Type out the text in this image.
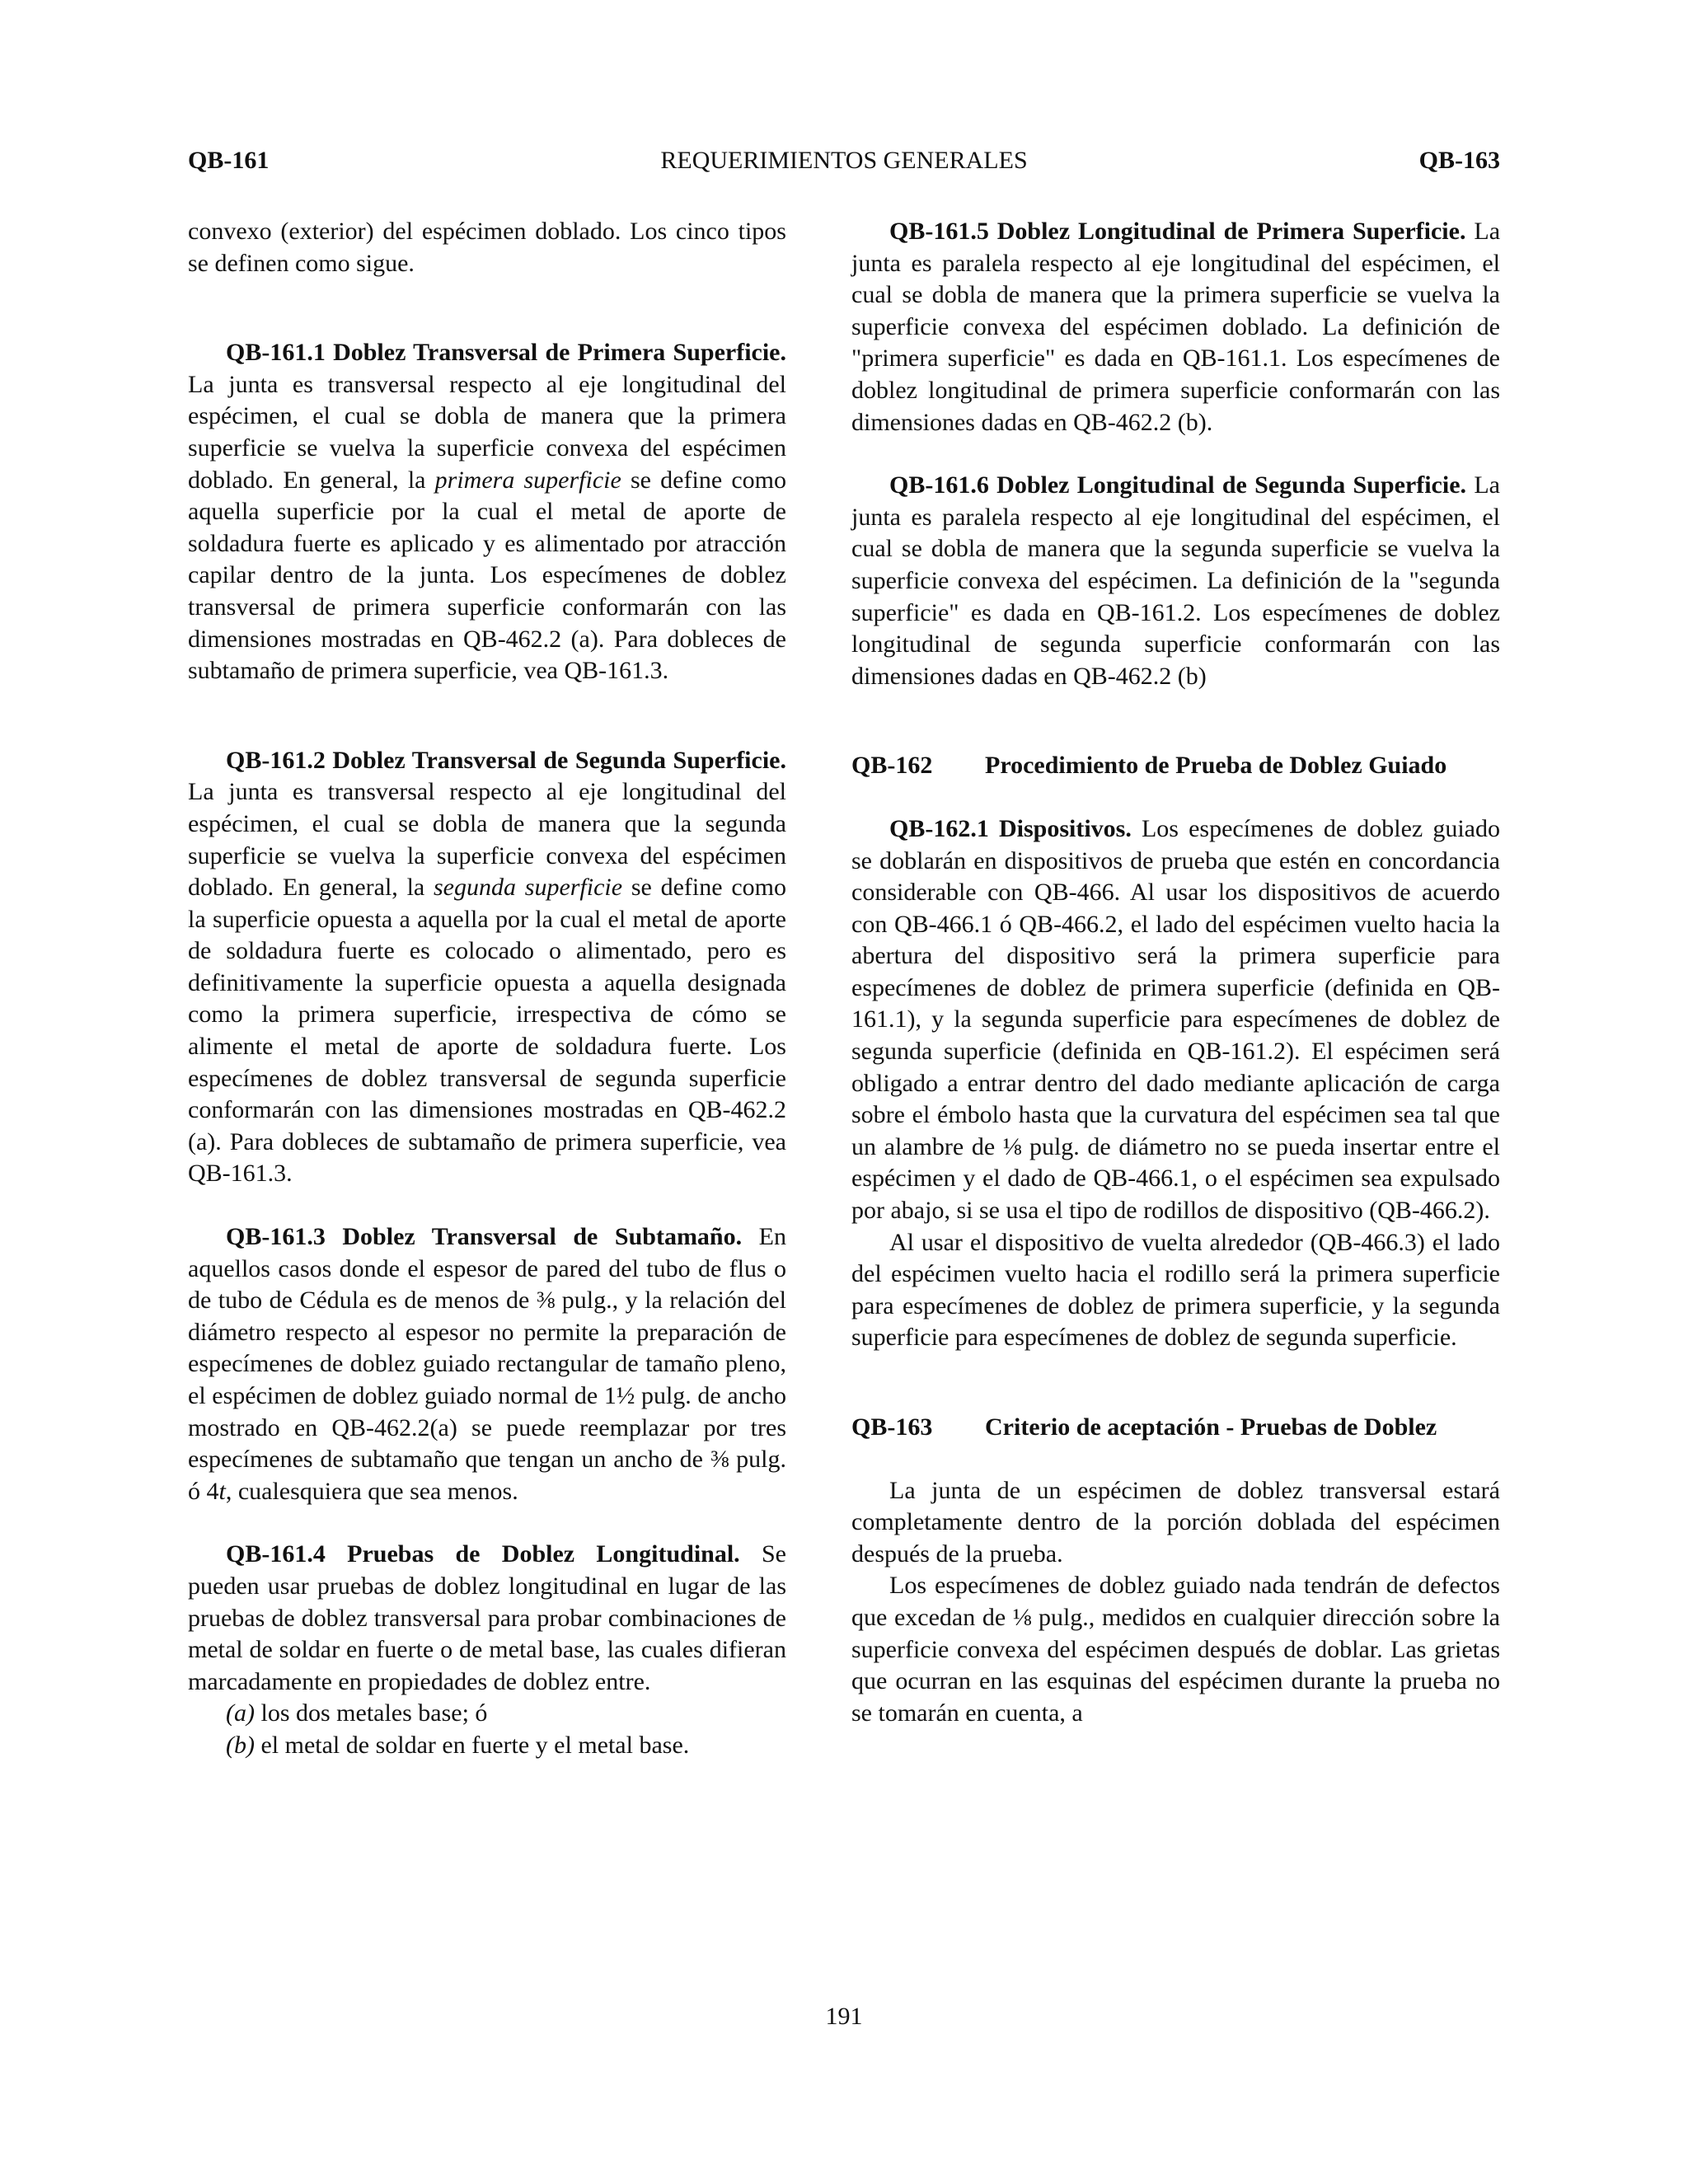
QB-161	REQUERIMIENTOS GENERALES	QB-163

convexo (exterior) del espécimen doblado. Los cinco tipos se definen como sigue.

QB-161.1 Doblez Transversal de Primera Superficie. La junta es transversal respecto al eje longitudinal del espécimen, el cual se dobla de manera que la primera superficie se vuelva la superficie convexa del espécimen doblado. En general, la primera superficie se define como aquella superficie por la cual el metal de aporte de soldadura fuerte es aplicado y es alimentado por atracción capilar dentro de la junta. Los especímenes de doblez transversal de primera superficie conformarán con las dimensiones mostradas en QB-462.2 (a). Para dobleces de subtamaño de primera superficie, vea QB-161.3.

QB-161.2 Doblez Transversal de Segunda Superficie. La junta es transversal respecto al eje longitudinal del espécimen, el cual se dobla de manera que la segunda superficie se vuelva la superficie convexa del espécimen doblado. En general, la segunda superficie se define como la superficie opuesta a aquella por la cual el metal de aporte de soldadura fuerte es colocado o alimentado, pero es definitivamente la superficie opuesta a aquella designada como la primera superficie, irrespectiva de cómo se alimente el metal de aporte de soldadura fuerte. Los especímenes de doblez transversal de segunda superficie conformarán con las dimensiones mostradas en QB-462.2 (a). Para dobleces de subtamaño de primera superficie, vea QB-161.3.

QB-161.3 Doblez Transversal de Subtamaño. En aquellos casos donde el espesor de pared del tubo de flus o de tubo de Cédula es de menos de ⅜ pulg., y la relación del diámetro respecto al espesor no permite la preparación de especímenes de doblez guiado rectangular de tamaño pleno, el espécimen de doblez guiado normal de 1½ pulg. de ancho mostrado en QB-462.2(a) se puede reemplazar por tres especímenes de subtamaño que tengan un ancho de ⅜ pulg. ó 4t, cualesquiera que sea menos.

QB-161.4 Pruebas de Doblez Longitudinal. Se pueden usar pruebas de doblez longitudinal en lugar de las pruebas de doblez transversal para probar combinaciones de metal de soldar en fuerte o de metal base, las cuales difieran marcadamente en propiedades de doblez entre.

(a) los dos metales base; ó

(b) el metal de soldar en fuerte y el metal base.

QB-161.5 Doblez Longitudinal de Primera Superficie. La junta es paralela respecto al eje longitudinal del espécimen, el cual se dobla de manera que la primera superficie se vuelva la superficie convexa del espécimen doblado. La definición de "primera superficie" es dada en QB-161.1. Los especímenes de doblez longitudinal de primera superficie conformarán con las dimensiones dadas en QB-462.2 (b).

QB-161.6 Doblez Longitudinal de Segunda Superficie. La junta es paralela respecto al eje longitudinal del espécimen, el cual se dobla de manera que la segunda superficie se vuelva la superficie convexa del espécimen. La definición de la "segunda superficie" es dada en QB-161.2. Los especímenes de doblez longitudinal de segunda superficie conformarán con las dimensiones dadas en QB-462.2 (b)

QB-162	Procedimiento de Prueba de Doblez Guiado

QB-162.1 Dispositivos. Los especímenes de doblez guiado se doblarán en dispositivos de prueba que estén en concordancia considerable con QB-466. Al usar los dispositivos de acuerdo con QB-466.1 ó QB-466.2, el lado del espécimen vuelto hacia la abertura del dispositivo será la primera superficie para especímenes de doblez de primera superficie (definida en QB-161.1), y la segunda superficie para especímenes de doblez de segunda superficie (definida en QB-161.2). El espécimen será obligado a entrar dentro del dado mediante aplicación de carga sobre el émbolo hasta que la curvatura del espécimen sea tal que un alambre de ⅛ pulg. de diámetro no se pueda insertar entre el espécimen y el dado de QB-466.1, o el espécimen sea expulsado por abajo, si se usa el tipo de rodillos de dispositivo (QB-466.2).

Al usar el dispositivo de vuelta alrededor (QB-466.3) el lado del espécimen vuelto hacia el rodillo será la primera superficie para especímenes de doblez de primera superficie, y la segunda superficie para especímenes de doblez de segunda superficie.

QB-163	Criterio de aceptación - Pruebas de Doblez

La junta de un espécimen de doblez transversal estará completamente dentro de la porción doblada del espécimen después de la prueba.

Los especímenes de doblez guiado nada tendrán de defectos que excedan de ⅛ pulg., medidos en cualquier dirección sobre la superficie convexa del espécimen después de doblar. Las grietas que ocurran en las esquinas del espécimen durante la prueba no se tomarán en cuenta, a

191
